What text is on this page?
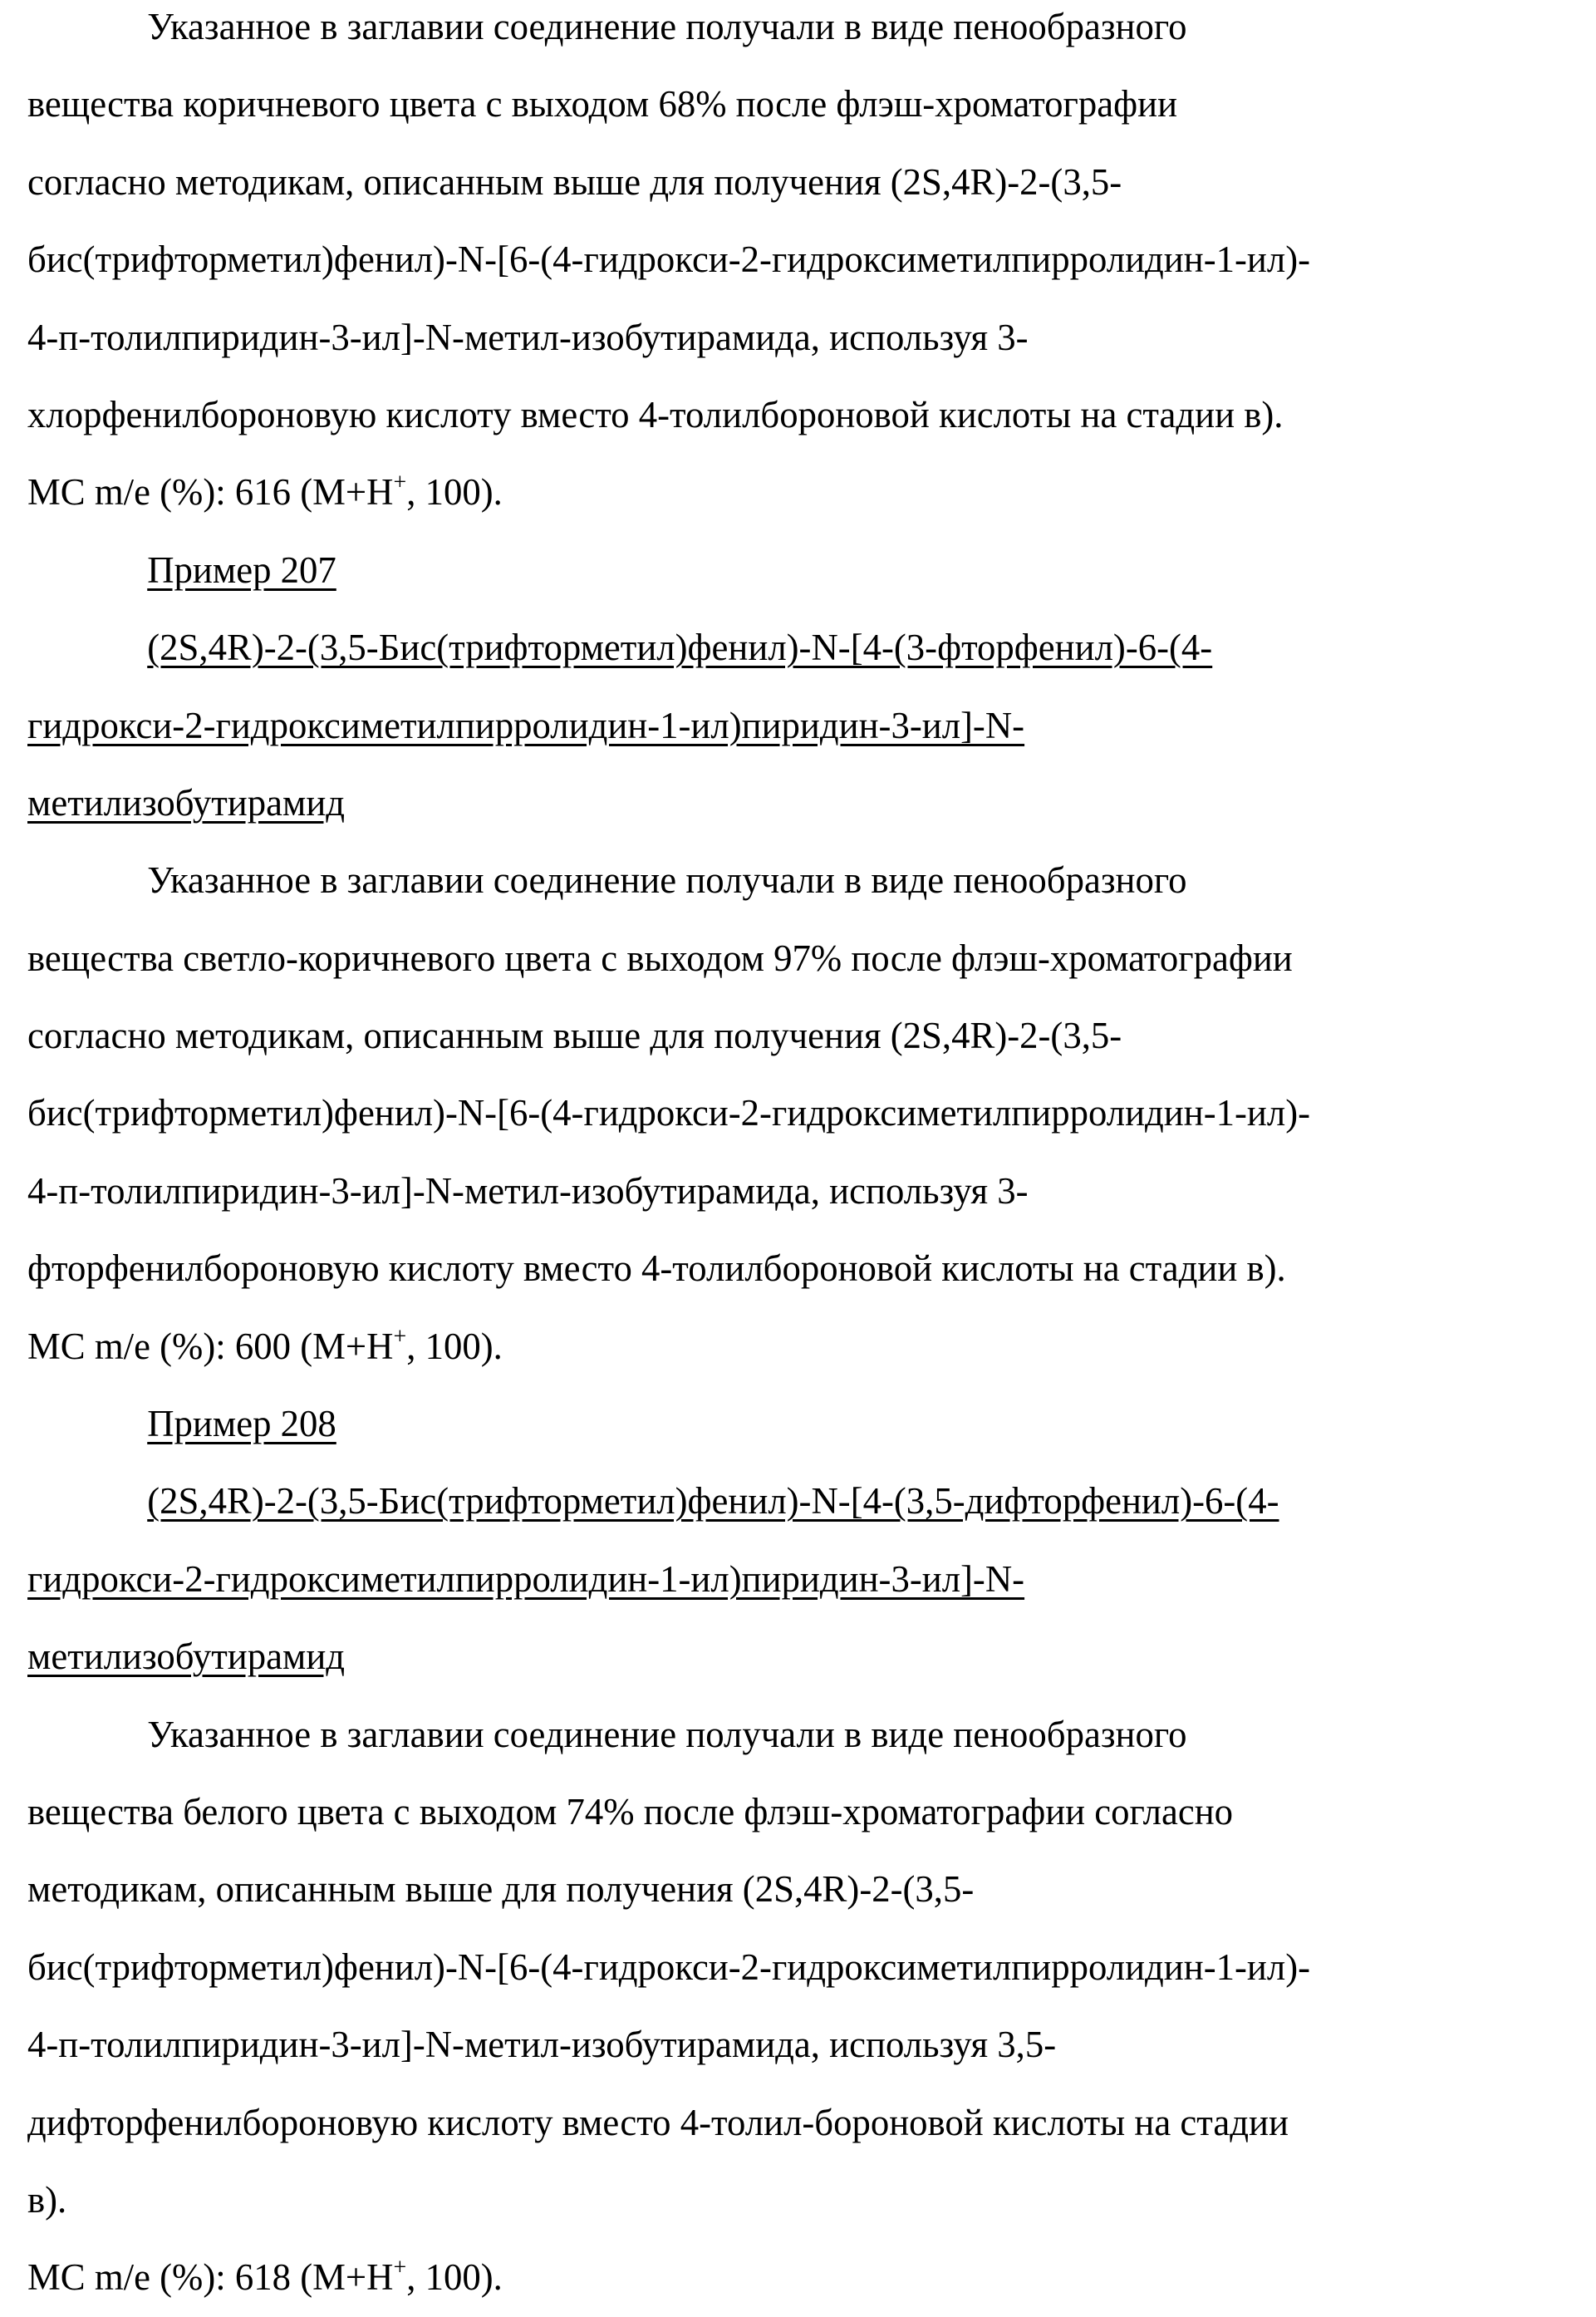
Указанное в заглавии соединение получали в виде пенообразного
вещества коричневого цвета с выходом 68% после флэш-хроматографии
согласно методикам, описанным выше для получения (2S,4R)-2-(3,5-
бис(трифторметил)фенил)-N-[6-(4-гидрокси-2-гидроксиметилпирролидин-1-ил)-
4-п-толилпиридин-3-ил]-N-метил-изобутирамида, используя 3-
хлорфенилбороновую кислоту вместо 4-толилбороновой кислоты на стадии в).
МС m/e (%): 616 (M+H+, 100).
Пример 207
(2S,4R)-2-(3,5-Бис(трифторметил)фенил)-N-[4-(3-фторфенил)-6-(4-
гидрокси-2-гидроксиметилпирролидин-1-ил)пиридин-3-ил]-N-
метилизобутирамид
Указанное в заглавии соединение получали в виде пенообразного
вещества светло-коричневого цвета с выходом 97% после флэш-хроматографии
согласно методикам, описанным выше для получения (2S,4R)-2-(3,5-
бис(трифторметил)фенил)-N-[6-(4-гидрокси-2-гидроксиметилпирролидин-1-ил)-
4-п-толилпиридин-3-ил]-N-метил-изобутирамида, используя 3-
фторфенилбороновую кислоту вместо 4-толилбороновой кислоты на стадии в).
МС m/e (%): 600 (M+H+, 100).
Пример 208
(2S,4R)-2-(3,5-Бис(трифторметил)фенил)-N-[4-(3,5-дифторфенил)-6-(4-
гидрокси-2-гидроксиметилпирролидин-1-ил)пиридин-3-ил]-N-
метилизобутирамид
Указанное в заглавии соединение получали в виде пенообразного
вещества белого цвета с выходом 74% после флэш-хроматографии согласно
методикам, описанным выше для получения (2S,4R)-2-(3,5-
бис(трифторметил)фенил)-N-[6-(4-гидрокси-2-гидроксиметилпирролидин-1-ил)-
4-п-толилпиридин-3-ил]-N-метил-изобутирамида, используя 3,5-
дифторфенилбороновую кислоту вместо 4-толил-бороновой кислоты на стадии
в).
МС m/e (%): 618 (M+H+, 100).
